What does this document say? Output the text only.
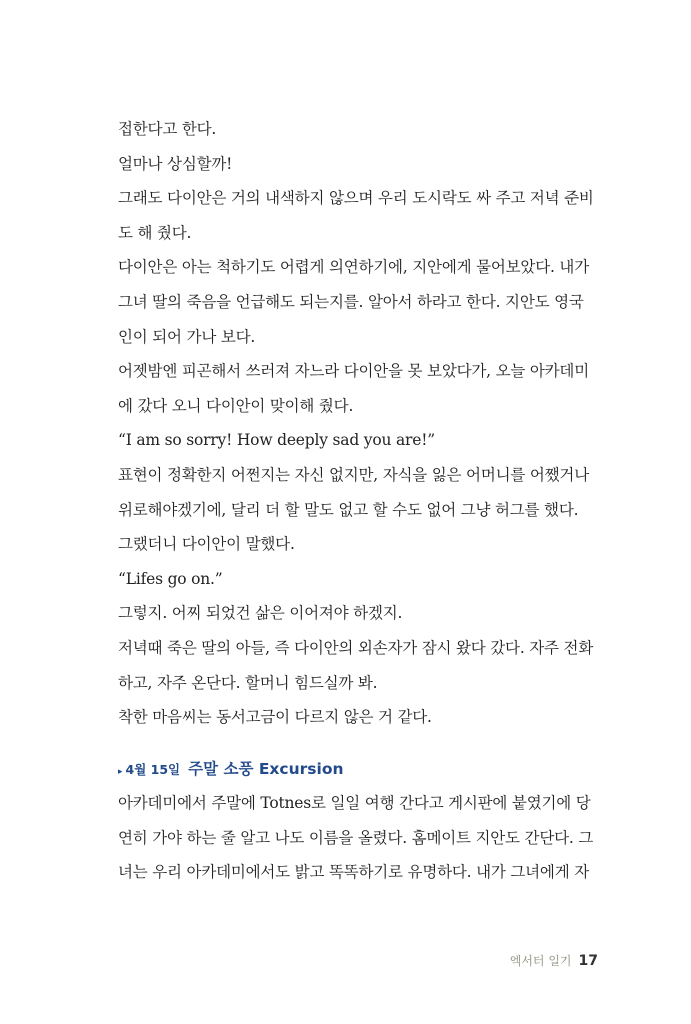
접한다고 한다.
얼마나 상심할까!
그래도 다이안은 거의 내색하지 않으며 우리 도시락도 싸 주고 저녁 준비
도 해 줬다.
다이안은 아는 척하기도 어렵게 의연하기에, 지안에게 물어보았다. 내가
그녀 딸의 죽음을 언급해도 되는지를. 알아서 하라고 한다. 지안도 영국
인이 되어 가나 보다.
어젯밤엔 피곤해서 쓰러져 자느라 다이안을 못 보았다가, 오늘 아카데미
에 갔다 오니 다이안이 맞이해 줬다.
“I am so sorry! How deeply sad you are!”
표현이 정확한지 어쩐지는 자신 없지만, 자식을 잃은 어머니를 어쨌거나
위로해야겠기에, 달리 더 할 말도 없고 할 수도 없어 그냥 허그를 했다.
그랬더니 다이안이 말했다.
“Lifes go on.”
그렇지. 어찌 되었건 삶은 이어져야 하겠지.
저녁때 죽은 딸의 아들, 즉 다이안의 외손자가 잠시 왔다 갔다. 자주 전화
하고, 자주 온단다. 할머니 힘드실까 봐.
착한 마음씨는 동서고금이 다르지 않은 거 같다.
▸ 4월 15일 주말 소풍 Excursion
아카데미에서 주말에 Totnes로 일일 여행 간다고 게시판에 붙였기에 당
연히 가야 하는 줄 알고 나도 이름을 올렸다. 홈메이트 지안도 간단다. 그
녀는 우리 아카데미에서도 밝고 똑똑하기로 유명하다. 내가 그녀에게 자
엑서터 일기 17
